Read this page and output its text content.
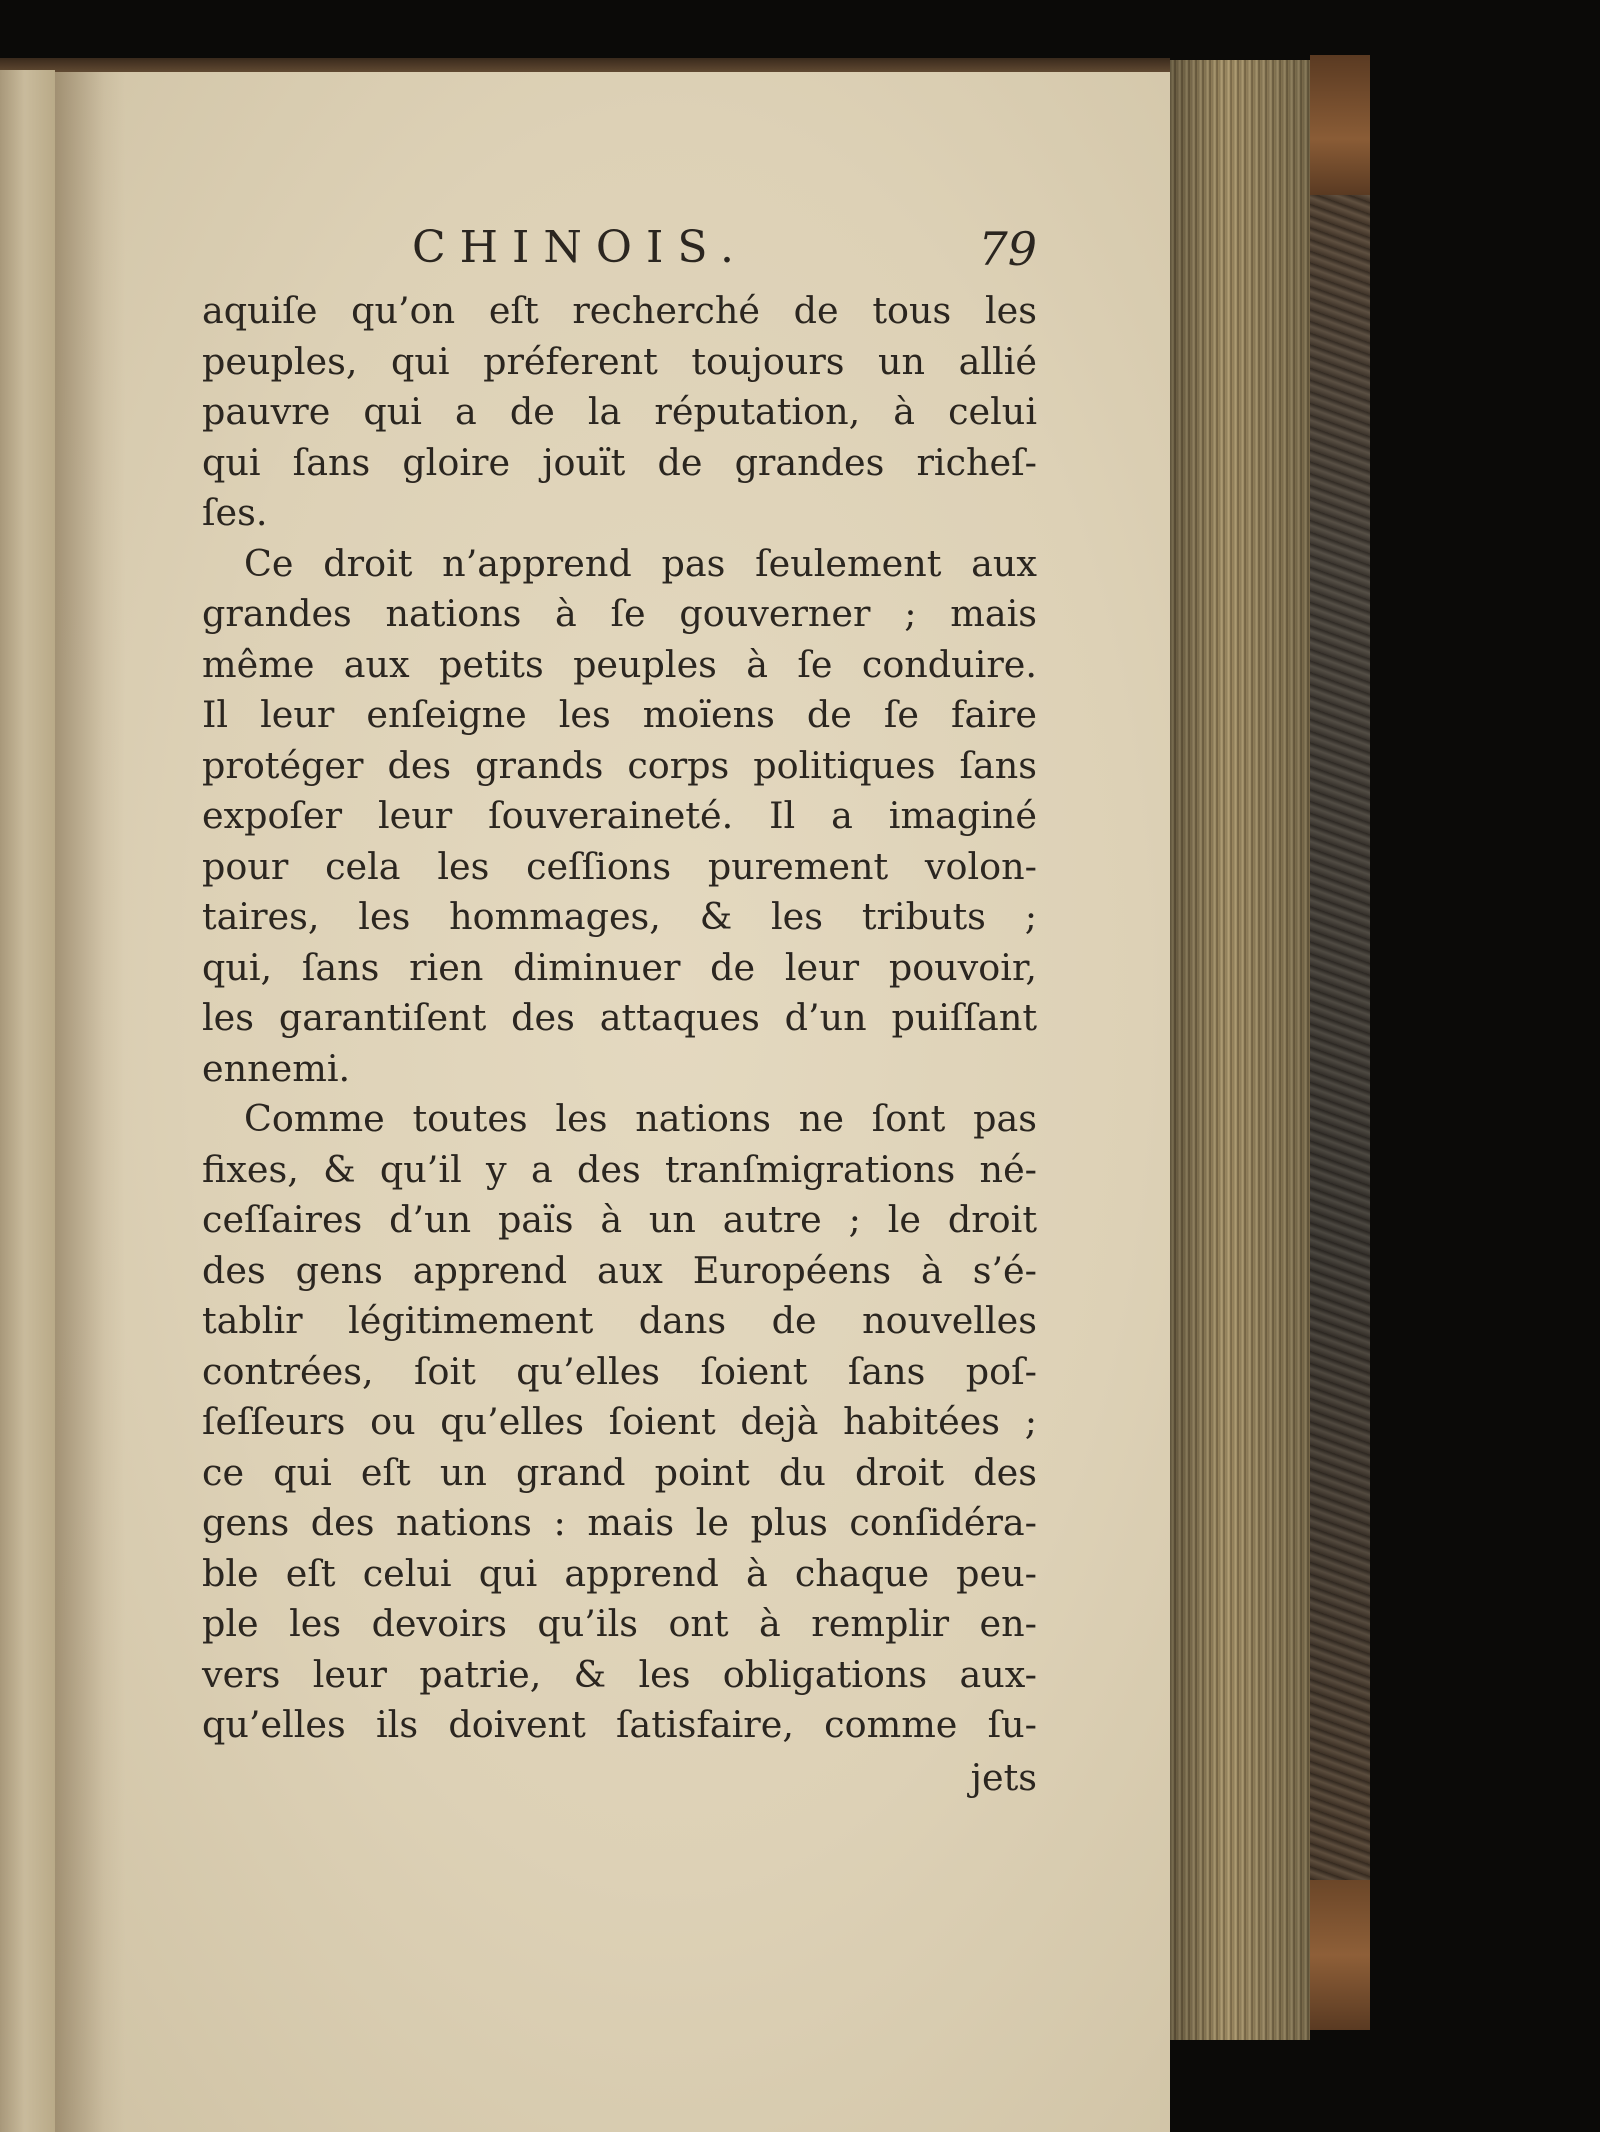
CHINOIS.	79
aquiſe qu’on eſt recherché de tous les
peuples, qui préferent toujours un allié
pauvre qui a de la réputation, à celui
qui ſans gloire jouït de grandes richeſ-
ſes.
Ce droit n’apprend pas ſeulement aux
grandes nations à ſe gouverner ; mais
même aux petits peuples à ſe conduire.
Il leur enſeigne les moïens de ſe faire
protéger des grands corps politiques ſans
expoſer leur ſouveraineté. Il a imaginé
pour cela les ceſſions purement volon-
taires, les hommages, & les tributs ;
qui, ſans rien diminuer de leur pouvoir,
les garantiſent des attaques d’un puiſſant
ennemi.
Comme toutes les nations ne ſont pas
fixes, & qu’il y a des tranſmigrations né-
ceſſaires d’un païs à un autre ; le droit
des gens apprend aux Européens à s’é-
tablir légitimement dans de nouvelles
contrées, ſoit qu’elles ſoient ſans poſ-
ſeſſeurs ou qu’elles ſoient dejà habitées ;
ce qui eſt un grand point du droit des
gens des nations : mais le plus conſidéra-
ble eſt celui qui apprend à chaque peu-
ple les devoirs qu’ils ont à remplir en-
vers leur patrie, & les obligations aux-
qu’elles ils doivent ſatisfaire, comme ſu-
jets
